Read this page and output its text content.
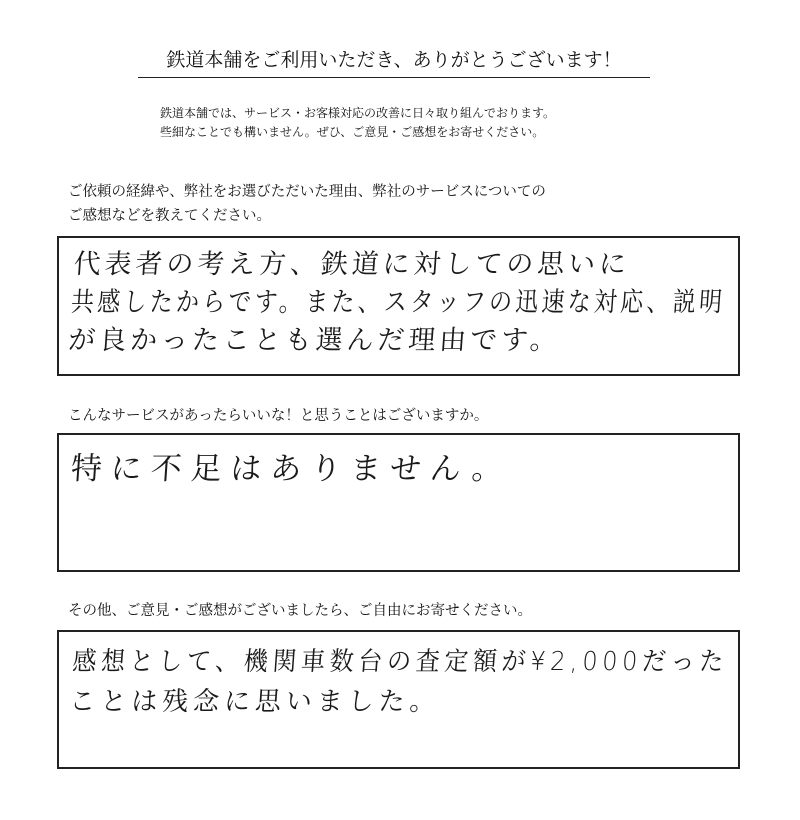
鉄道本舗をご利用いただき、ありがとうございます！
鉄道本舗では、サービス・お客様対応の改善に日々取り組んでおります。
些細なことでも構いません。ぜひ、ご意見・ご感想をお寄せください。
ご依頼の経緯や、弊社をお選びただいた理由、弊社のサービスについての
ご感想などを教えてください。
代表者の考え方、鉄道に対しての思いに
共感したからです。また、スタッフの迅速な対応、説明
が良かったことも選んだ理由です。
こんなサービスがあったらいいな！と思うことはございますか。
特に不足はありません。
その他、ご意見・ご感想がございましたら、ご自由にお寄せください。
感想として、機関車数台の査定額が¥2,000だった
ことは残念に思いました。
